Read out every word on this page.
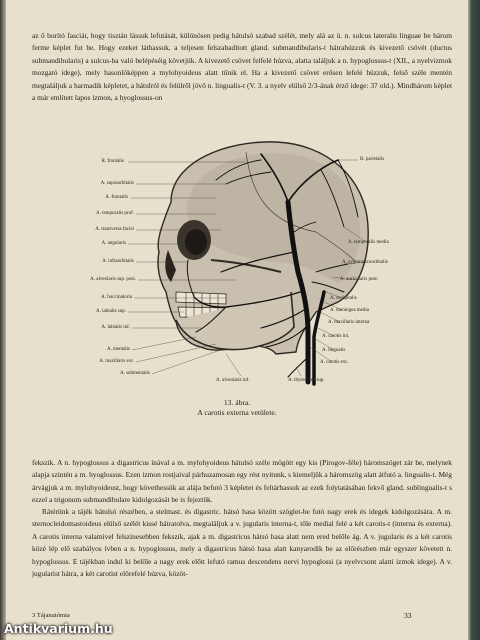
az ő borító fasciát, hogy tisztán lássuk lefutását, különösen pedig hátulsó szabad szélét, mely alá az ü. n. sulcus lateralis linguae be három ferme képlet fut be. Hogy ezeket láthassuk, a teljesen felszabadított gland. submandibularis-t hátrahúzzuk és kivezető csövét (ductus submandibularis) a sulcus-ba való belépéséig követjük. A kivezető csövet felfelé húzva, alatta találjuk a n. hypoglossus-t (XII., a nyelvizmok mozgató idege), mely hasonlóképpen a mylohyoideus alatt tűnik el. Ha a kivezető csövet erősen lefelé húzzuk, felső széle mentén megtaláljuk a harmadik képletet, a hátulról és felülről jövő n. lingualis-t (V. 3. a nyelv elülső 2/3-ának érző idege: 37 old.). Mindhárom képlet a már említett lapos izmon, a hyoglossus-on

R. frontalis
A. supraorbitalis
A. frontalis
A. temporalis prof.
A. transversa faciei
A. angularis
A. infraorbitalis
A. alveolaris sup. post.
A. buccinatoria
A. labialis sup.
A. labialis inf.
A. mentalis
A. maxillaris ext.
A. submentalis
A. alveolaris inf.	A. thyreoidea sup.
R. parietalis
A. temporalis media
A. zygomaticoorbitalis
A. auricularis post.
A. occipitalis
A. meningea media
A. maxillaris interna
A. carotis int.
A. lingualis
A. carotis ext.
13. ábra.
A carotis externa vetülete.

fekszik. A n. hypoglossus a digastricus ínával a m. mylohyoideus hátulsó széle mögött egy kis (Pirogov-féle) háromszöget zár be, melynek alapja szintén a m. hyoglossus. Ezen izmon rostjaival párhuzamosan egy rést nyitunk, s kiemeljük a háromszög alatt átfutó a. lingualis-t. Még árvágjuk a m. mylohyoideust, hogy követhessük az alája befutó 3 képletet és feltárhassuk az ezek folytatásában fekvő gland. sublingualis-t s ezzel a trigonum submandibulare kidolgozását be is fejeztük.

Rátérünk a tájék hátulsó részében, a stelmast. és digastric. hátsó hasa között szöglet-be futó nagy erek és idegek kidolgozására. A m. sternocleidomastoideus elülső szélét kissé hátratolva, megtaláljuk a v. jugularis interna-t, tőle medial felé a két carotis-t (interna és externa). A carotis interna valamivel felszínesebben fekszik, ajak a m. digastricus hátsó hasa alatt nem ered belőle ág. A v. jugularis és a két carotis közé lép elő szabályos ívben a n. hypoglossus, mely a digastricus hátsó hasa alatt kanyarodik be az előrészben már egyszer követett n. hypoglossus. E tájékban indul ki belőle a nagy erek előtt lefutó ramus descendens nervi hypoglossi (a nyelvcsont alatti izmok idege). A v. jugularist hátra, a két carotist előrefelé húzva, közöt-

3 Tájanatómia	33
Antikvarium.hu
